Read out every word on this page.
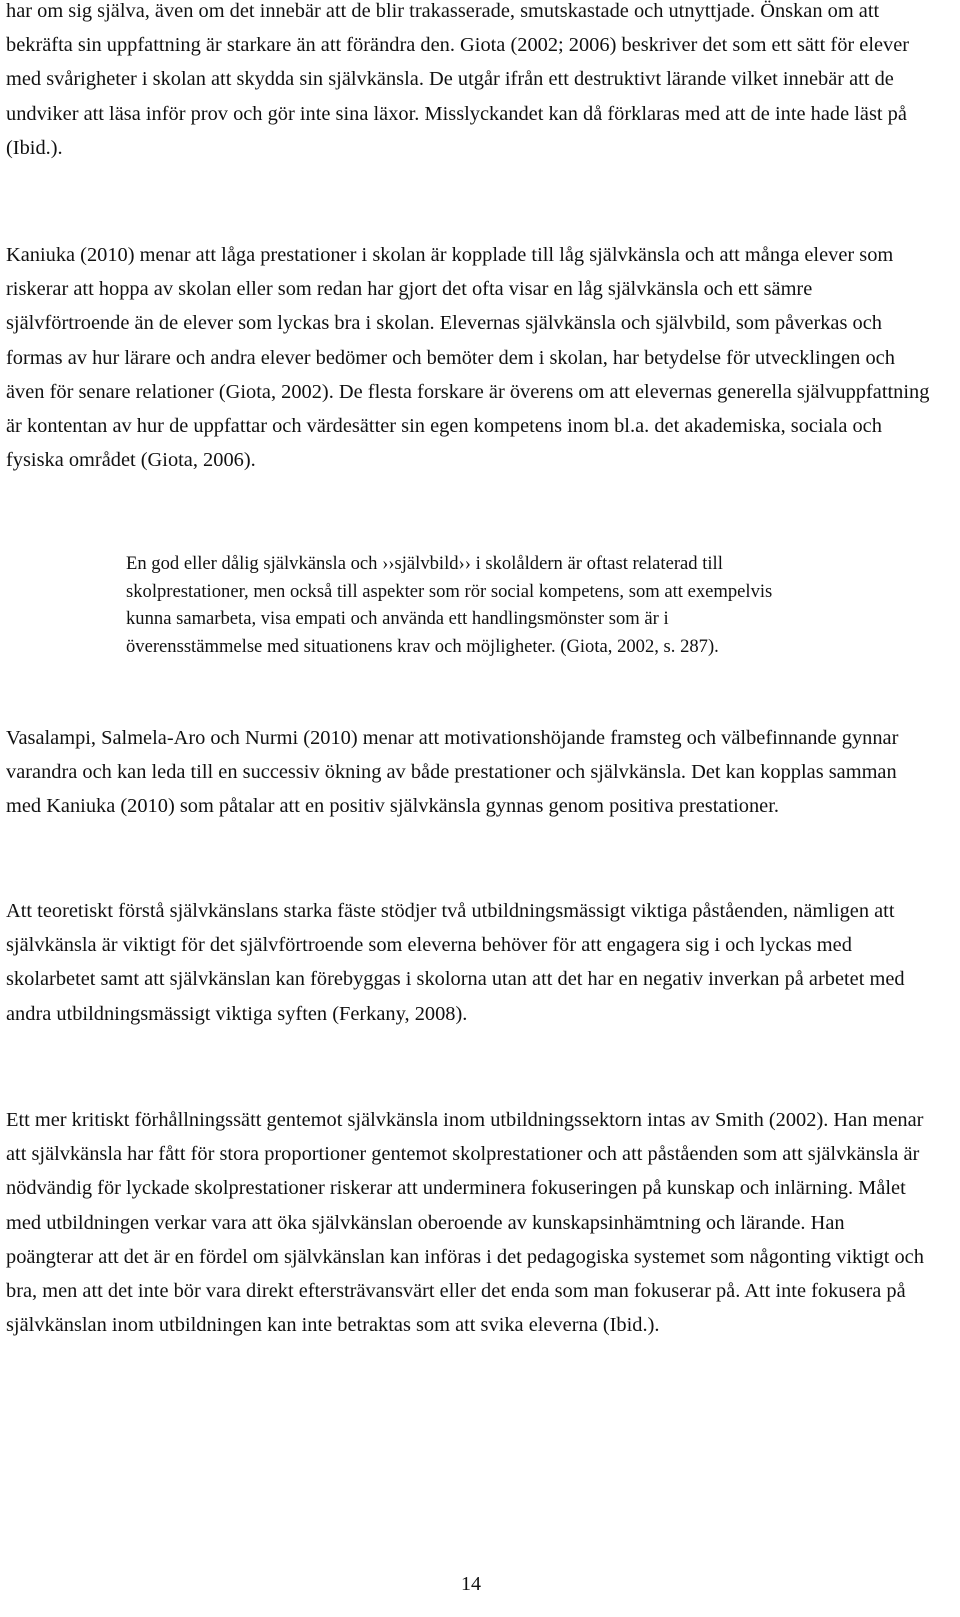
har om sig själva, även om det innebär att de blir trakasserade, smutskastade och utnyttjade. Önskan om att bekräfta sin uppfattning är starkare än att förändra den. Giota (2002; 2006) beskriver det som ett sätt för elever med svårigheter i skolan att skydda sin självkänsla. De utgår ifrån ett destruktivt lärande vilket innebär att de undviker att läsa inför prov och gör inte sina läxor. Misslyckandet kan då förklaras med att de inte hade läst på (Ibid.).

Kaniuka (2010) menar att låga prestationer i skolan är kopplade till låg självkänsla och att många elever som riskerar att hoppa av skolan eller som redan har gjort det ofta visar en låg självkänsla och ett sämre självförtroende än de elever som lyckas bra i skolan. Elevernas självkänsla och självbild, som påverkas och formas av hur lärare och andra elever bedömer och bemöter dem i skolan, har betydelse för utvecklingen och även för senare relationer (Giota, 2002). De flesta forskare är överens om att elevernas generella självuppfattning är kontentan av hur de uppfattar och värdesätter sin egen kompetens inom bl.a. det akademiska, sociala och fysiska området (Giota, 2006).

En god eller dålig självkänsla och ››självbild›› i skolåldern är oftast relaterad till skolprestationer, men också till aspekter som rör social kompetens, som att exempelvis kunna samarbeta, visa empati och använda ett handlingsmönster som är i överensstämmelse med situationens krav och möjligheter. (Giota, 2002, s. 287).

Vasalampi, Salmela-Aro och Nurmi (2010) menar att motivationshöjande framsteg och välbefinnande gynnar varandra och kan leda till en successiv ökning av både prestationer och självkänsla. Det kan kopplas samman med Kaniuka (2010) som påtalar att en positiv självkänsla gynnas genom positiva prestationer.

Att teoretiskt förstå självkänslans starka fäste stödjer två utbildningsmässigt viktiga påståenden, nämligen att självkänsla är viktigt för det självförtroende som eleverna behöver för att engagera sig i och lyckas med skolarbetet samt att självkänslan kan förebyggas i skolorna utan att det har en negativ inverkan på arbetet med andra utbildningsmässigt viktiga syften (Ferkany, 2008).

Ett mer kritiskt förhållningssätt gentemot självkänsla inom utbildningssektorn intas av Smith (2002). Han menar att självkänsla har fått för stora proportioner gentemot skolprestationer och att påståenden som att självkänsla är nödvändig för lyckade skolprestationer riskerar att underminera fokuseringen på kunskap och inlärning. Målet med utbildningen verkar vara att öka självkänslan oberoende av kunskapsinhämtning och lärande. Han poängterar att det är en fördel om självkänslan kan införas i det pedagogiska systemet som någonting viktigt och bra, men att det inte bör vara direkt eftersträvansvärt eller det enda som man fokuserar på. Att inte fokusera på självkänslan inom utbildningen kan inte betraktas som att svika eleverna (Ibid.).

14
